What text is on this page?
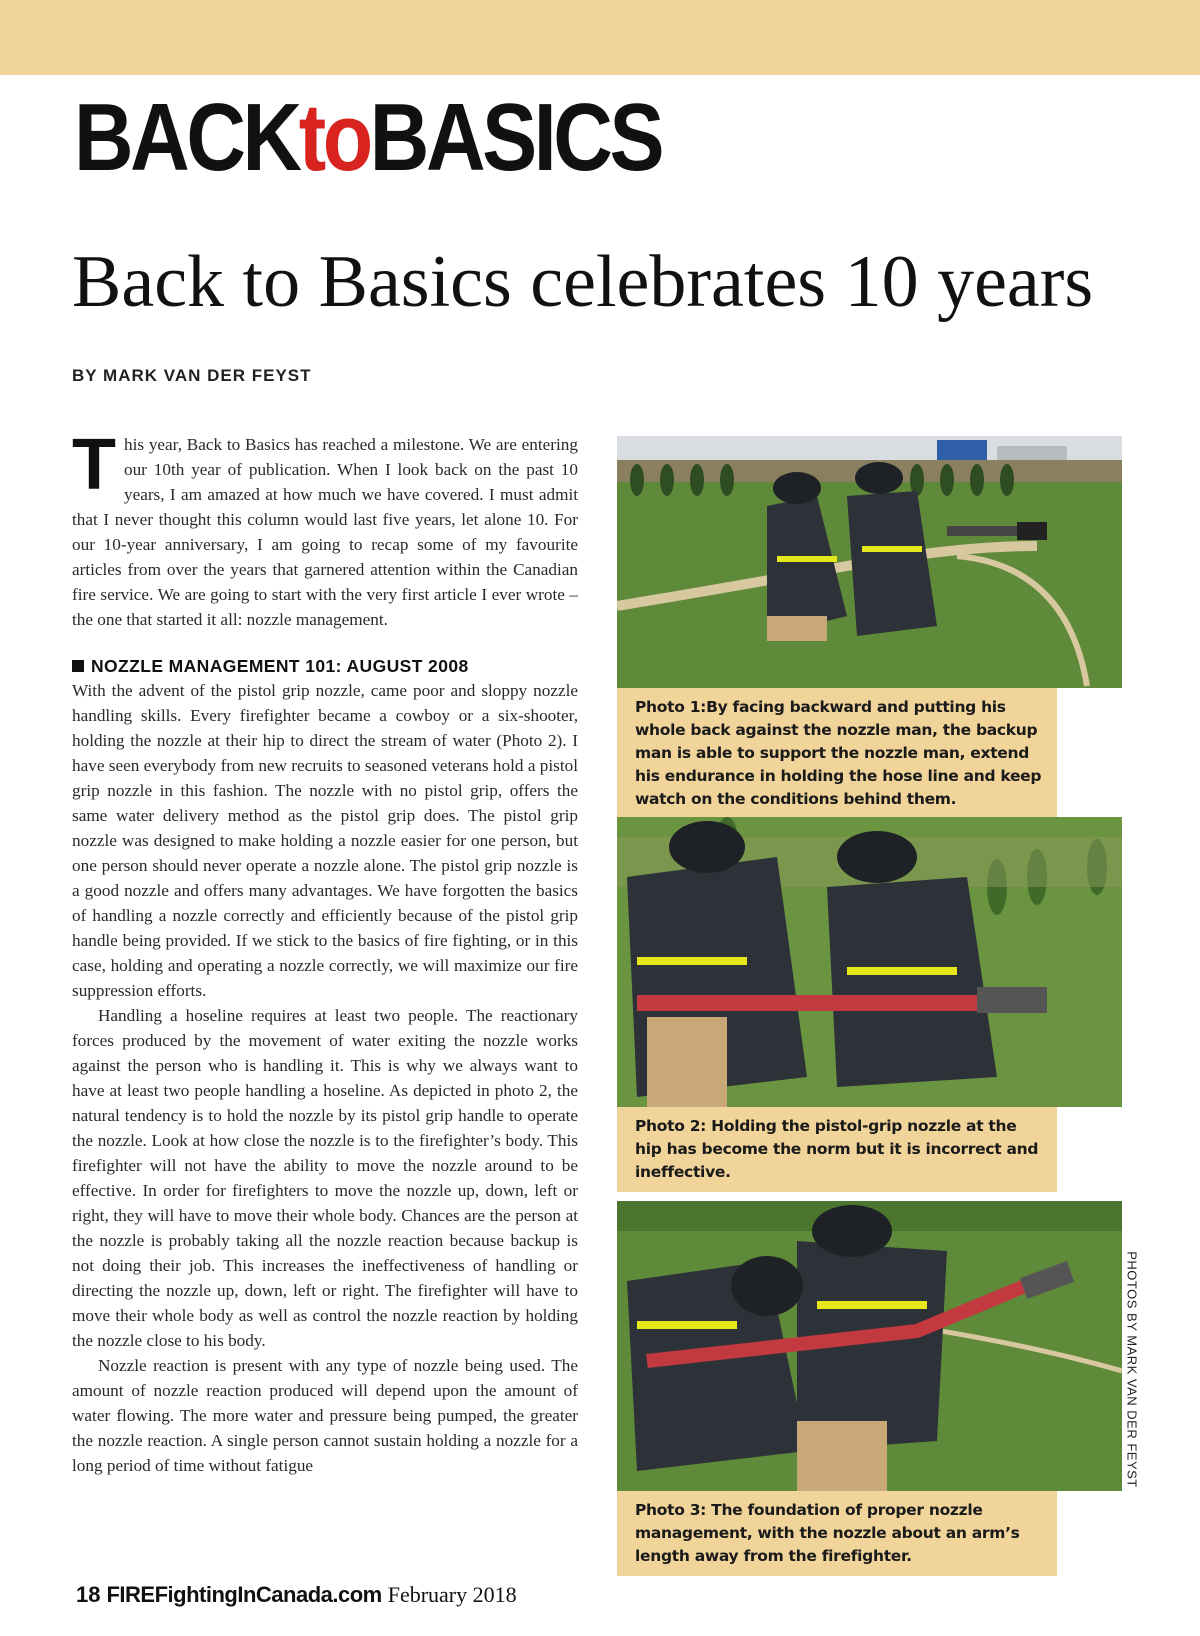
BACKtoBASICS
Back to Basics celebrates 10 years
BY MARK VAN DER FEYST

This year, Back to Basics has reached a milestone. We are entering our 10th year of publication. When I look back on the past 10 years, I am amazed at how much we have covered. I must admit that I never thought this column would last five years, let alone 10. For our 10-year anniversary, I am going to recap some of my favourite articles from over the years that garnered attention within the Canadian fire service. We are going to start with the very first article I ever wrote – the one that started it all: nozzle management.

NOZZLE MANAGEMENT 101: AUGUST 2008

With the advent of the pistol grip nozzle, came poor and sloppy nozzle handling skills. Every firefighter became a cowboy or a six-shooter, holding the nozzle at their hip to direct the stream of water (Photo 2). I have seen everybody from new recruits to seasoned veterans hold a pistol grip nozzle in this fashion. The nozzle with no pistol grip, offers the same water delivery method as the pistol grip does. The pistol grip nozzle was designed to make holding a nozzle easier for one person, but one person should never operate a nozzle alone. The pistol grip nozzle is a good nozzle and offers many advantages. We have forgotten the basics of handling a nozzle correctly and efficiently because of the pistol grip handle being provided. If we stick to the basics of fire fighting, or in this case, holding and operating a nozzle correctly, we will maximize our fire suppression efforts.

Handling a hoseline requires at least two people. The reactionary forces produced by the movement of water exiting the nozzle works against the person who is handling it. This is why we always want to have at least two people handling a hoseline. As depicted in photo 2, the natural tendency is to hold the nozzle by its pistol grip handle to operate the nozzle. Look at how close the nozzle is to the firefighter’s body. This firefighter will not have the ability to move the nozzle around to be effective. In order for firefighters to move the nozzle up, down, left or right, they will have to move their whole body. Chances are the person at the nozzle is probably taking all the nozzle reaction because backup is not doing their job. This increases the ineffectiveness of handling or directing the nozzle up, down, left or right. The firefighter will have to move their whole body as well as control the nozzle reaction by holding the nozzle close to his body.

Nozzle reaction is present with any type of nozzle being used. The amount of nozzle reaction produced will depend upon the amount of water flowing. The more water and pressure being pumped, the greater the nozzle reaction. A single person cannot sustain holding a nozzle for a long period of time without fatigue

Photo 1:By facing backward and putting his whole back against the nozzle man, the backup man is able to support the nozzle man, extend his endurance in holding the hose line and keep watch on the conditions behind them.
Photo 2: Holding the pistol-grip nozzle at the hip has become the norm but it is incorrect and ineffective.
Photo 3: The foundation of proper nozzle management, with the nozzle about an arm’s length away from the firefighter.
PHOTOS BY MARK VAN DER FEYST
18 FIREFightingInCanada.com February 2018
